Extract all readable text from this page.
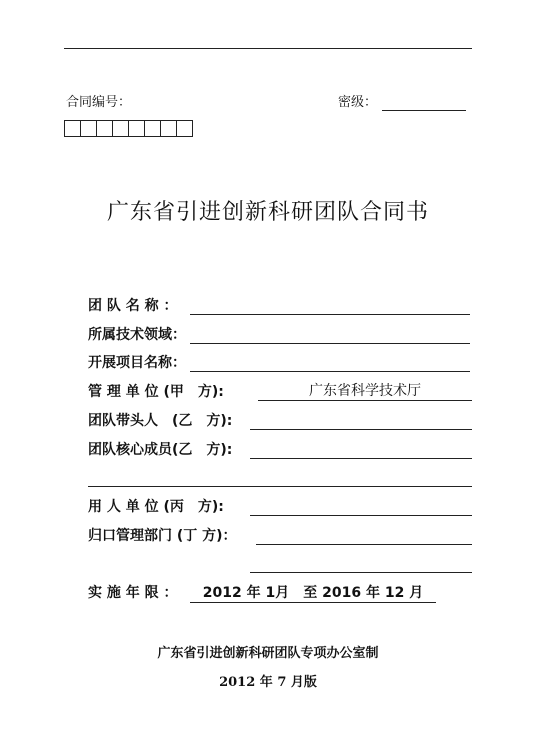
合同编号：	密级：
广东省引进创新科研团队合同书
团 队 名 称 ：
所属技术领域：
开展项目名称：
管 理 单 位 (甲　方):	广东省科学技术厅
团队带头人　(乙　方):
团队核心成员(乙　方):
用 人 单 位 (丙　方):
归口管理部门 (丁 方)：
实 施 年 限 ：	2012 年 1月　至 2016 年 12 月
广东省引进创新科研团队专项办公室制
2012 年 7 月版
